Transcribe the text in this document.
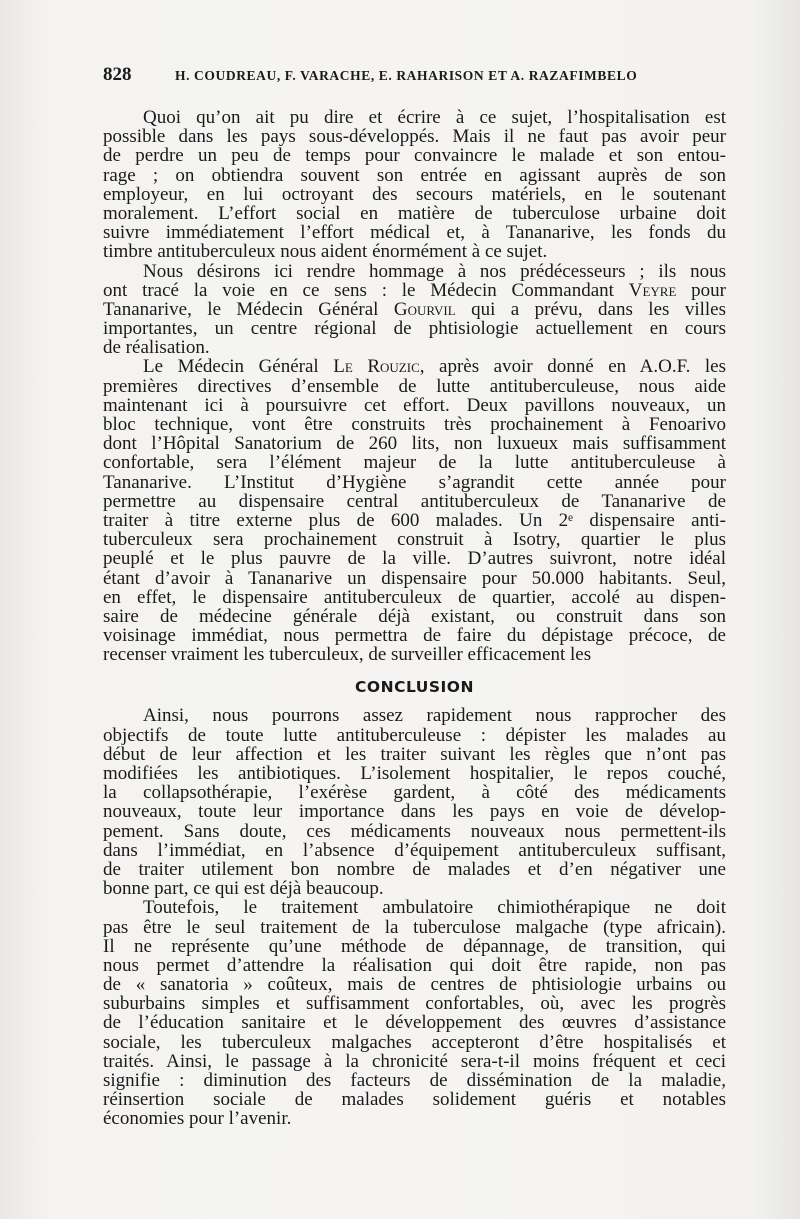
828	H. COUDREAU, F. VARACHE, E. RAHARISON ET A. RAZAFIMBELO
Quoi qu’on ait pu dire et écrire à ce sujet, l’hospitalisation est
possible dans les pays sous-développés. Mais il ne faut pas avoir peur
de perdre un peu de temps pour convaincre le malade et son entou-
rage ; on obtiendra souvent son entrée en agissant auprès de son
employeur, en lui octroyant des secours matériels, en le soutenant
moralement. L’effort social en matière de tuberculose urbaine doit
suivre immédiatement l’effort médical et, à Tananarive, les fonds du
timbre antituberculeux nous aident énormément à ce sujet.
Nous désirons ici rendre hommage à nos prédécesseurs ; ils nous
ont tracé la voie en ce sens : le Médecin Commandant Veyre pour
Tananarive, le Médecin Général Gourvil qui a prévu, dans les villes
importantes, un centre régional de phtisiologie actuellement en cours
de réalisation.
Le Médecin Général Le Rouzic, après avoir donné en A.O.F. les
premières directives d’ensemble de lutte antituberculeuse, nous aide
maintenant ici à poursuivre cet effort. Deux pavillons nouveaux, un
bloc technique, vont être construits très prochainement à Fenoarivo
dont l’Hôpital Sanatorium de 260 lits, non luxueux mais suffisamment
confortable, sera l’élément majeur de la lutte antituberculeuse à
Tananarive. L’Institut d’Hygiène s’agrandit cette année pour
permettre au dispensaire central antituberculeux de Tananarive de
traiter à titre externe plus de 600 malades. Un 2ᵉ dispensaire anti-
tuberculeux sera prochainement construit à Isotry, quartier le plus
peuplé et le plus pauvre de la ville. D’autres suivront, notre idéal
étant d’avoir à Tananarive un dispensaire pour 50.000 habitants. Seul,
en effet, le dispensaire antituberculeux de quartier, accolé au dispen-
saire de médecine générale déjà existant, ou construit dans son
voisinage immédiat, nous permettra de faire du dépistage précoce, de
recenser vraiment les tuberculeux, de surveiller efficacement les
CONCLUSION
Ainsi, nous pourrons assez rapidement nous rapprocher des
objectifs de toute lutte antituberculeuse : dépister les malades au
début de leur affection et les traiter suivant les règles que n’ont pas
modifiées les antibiotiques. L’isolement hospitalier, le repos couché,
la collapsothérapie, l’exérèse gardent, à côté des médicaments
nouveaux, toute leur importance dans les pays en voie de dévelop-
pement. Sans doute, ces médicaments nouveaux nous permettent-ils
dans l’immédiat, en l’absence d’équipement antituberculeux suffisant,
de traiter utilement bon nombre de malades et d’en négativer une
bonne part, ce qui est déjà beaucoup.
Toutefois, le traitement ambulatoire chimiothérapique ne doit
pas être le seul traitement de la tuberculose malgache (type africain).
Il ne représente qu’une méthode de dépannage, de transition, qui
nous permet d’attendre la réalisation qui doit être rapide, non pas
de « sanatoria » coûteux, mais de centres de phtisiologie urbains ou
suburbains simples et suffisamment confortables, où, avec les progrès
de l’éducation sanitaire et le développement des œuvres d’assistance
sociale, les tuberculeux malgaches accepteront d’être hospitalisés et
traités. Ainsi, le passage à la chronicité sera-t-il moins fréquent et ceci
signifie : diminution des facteurs de dissémination de la maladie,
réinsertion sociale de malades solidement guéris et notables
économies pour l’avenir.
